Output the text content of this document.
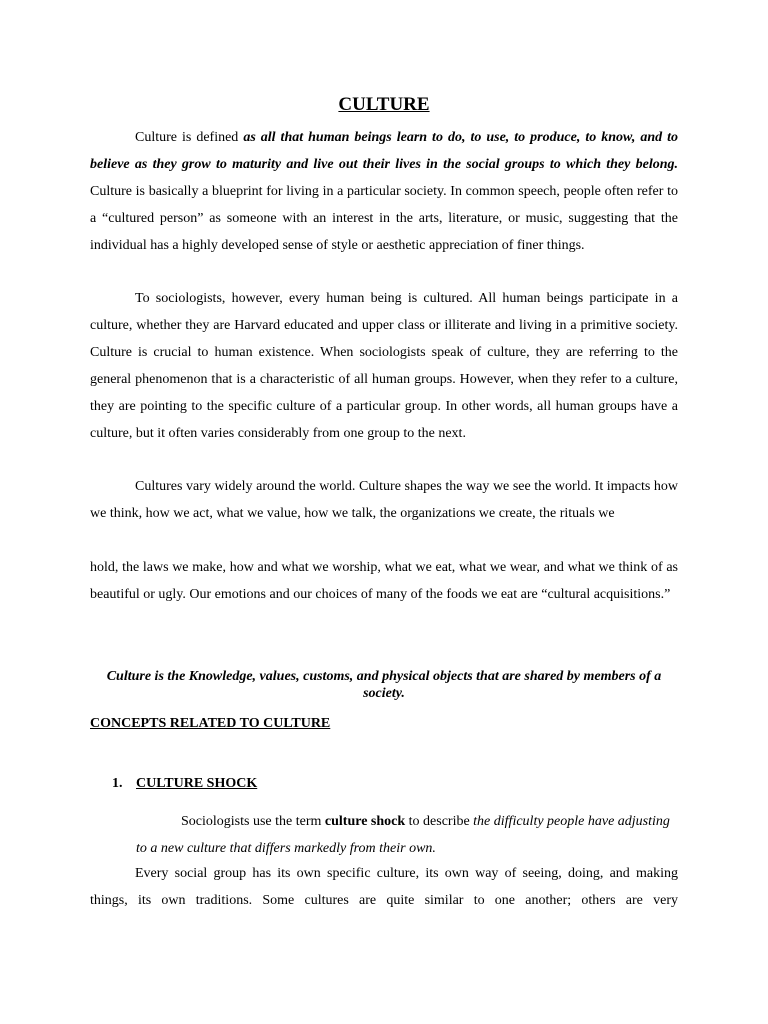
CULTURE

Culture is defined as all that human beings learn to do, to use, to produce, to know, and to believe as they grow to maturity and live out their lives in the social groups to which they belong. Culture is basically a blueprint for living in a particular society. In common speech, people often refer to a “cultured person” as someone with an interest in the arts, literature, or music, suggesting that the individual has a highly developed sense of style or aesthetic appreciation of finer things.

To sociologists, however, every human being is cultured. All human beings participate in a culture, whether they are Harvard educated and upper class or illiterate and living in a primitive society. Culture is crucial to human existence. When sociologists speak of culture, they are referring to the general phenomenon that is a characteristic of all human groups. However, when they refer to a culture, they are pointing to the specific culture of a particular group. In other words, all human groups have a culture, but it often varies considerably from one group to the next.

Cultures vary widely around the world. Culture shapes the way we see the world. It impacts how we think, how we act, what we value, how we talk, the organizations we create, the rituals we

hold, the laws we make, how and what we worship, what we eat, what we wear, and what we think of as beautiful or ugly. Our emotions and our choices of many of the foods we eat are “cultural acquisitions.”

Culture is the Knowledge, values, customs, and physical objects that are shared by members of a society.

CONCEPTS RELATED TO CULTURE
1. CULTURE SHOCK

Sociologists use the term culture shock to describe the difficulty people have adjusting to a new culture that differs markedly from their own.

Every social group has its own specific culture, its own way of seeing, doing, and making
things, its own traditions. Some cultures are quite similar to one another; others are very
